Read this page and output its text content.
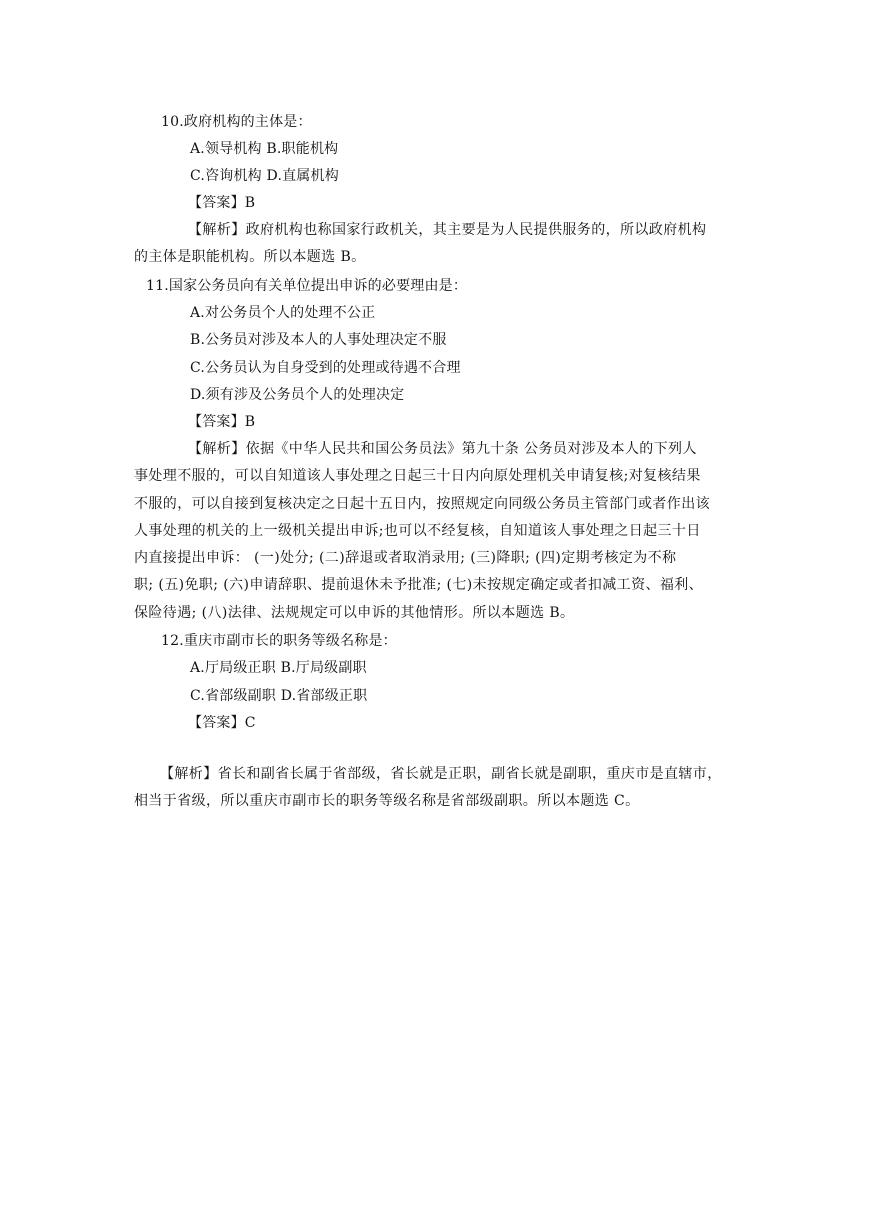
10.政府机构的主体是：
A.领导机构 B.职能机构
C.咨询机构 D.直属机构
【答案】B
【解析】政府机构也称国家行政机关，其主要是为人民提供服务的，所以政府机构
的主体是职能机构。所以本题选 B。
11.国家公务员向有关单位提出申诉的必要理由是：
A.对公务员个人的处理不公正
B.公务员对涉及本人的人事处理决定不服
C.公务员认为自身受到的处理或待遇不合理
D.须有涉及公务员个人的处理决定
【答案】B
【解析】依据《中华人民共和国公务员法》第九十条 公务员对涉及本人的下列人
事处理不服的，可以自知道该人事处理之日起三十日内向原处理机关申请复核;对复核结果
不服的，可以自接到复核决定之日起十五日内，按照规定向同级公务员主管部门或者作出该
人事处理的机关的上一级机关提出申诉;也可以不经复核，自知道该人事处理之日起三十日
内直接提出申诉： (一)处分; (二)辞退或者取消录用; (三)降职; (四)定期考核定为不称
职; (五)免职; (六)申请辞职、提前退休未予批准; (七)未按规定确定或者扣减工资、福利、
保险待遇; (八)法律、法规规定可以申诉的其他情形。所以本题选 B。
12.重庆市副市长的职务等级名称是：
A.厅局级正职 B.厅局级副职
C.省部级副职 D.省部级正职
【答案】C
【解析】省长和副省长属于省部级，省长就是正职，副省长就是副职，重庆市是直辖市，
相当于省级，所以重庆市副市长的职务等级名称是省部级副职。所以本题选 C。
